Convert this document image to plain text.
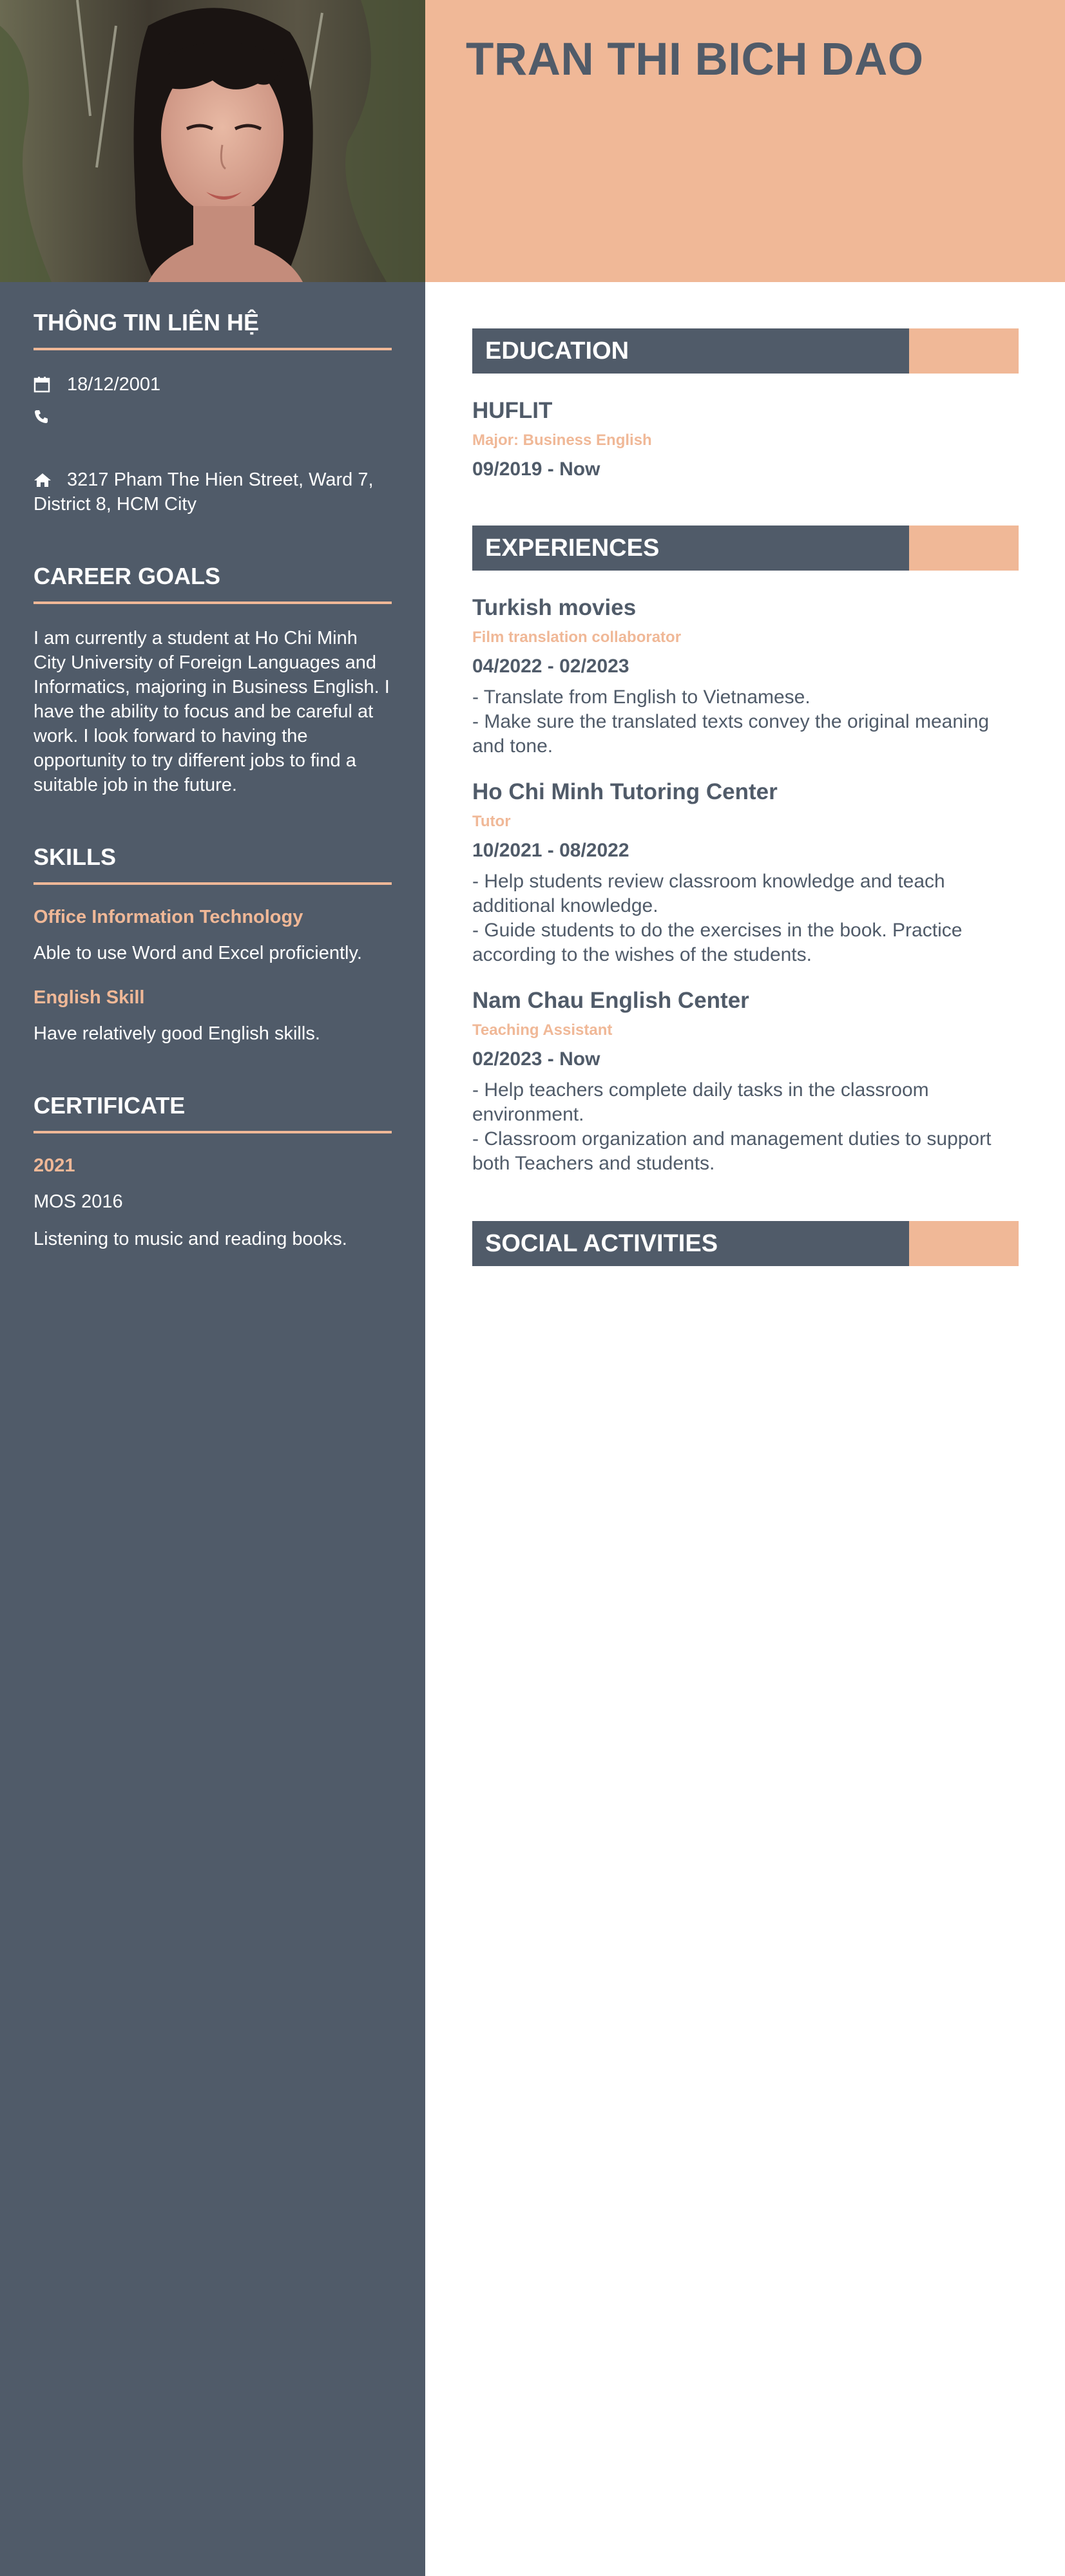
TRAN THI BICH DAO
THÔNG TIN LIÊN HỆ
18/12/2001
3217 Pham The Hien Street, Ward 7, District 8, HCM City
CAREER GOALS
I am currently a student at Ho Chi Minh City University of Foreign Languages and Informatics, majoring in Business English. I have the ability to focus and be careful at work. I look forward to having the opportunity to try different jobs to find a suitable job in the future.
SKILLS
Office Information Technology
Able to use Word and Excel proficiently.
English Skill
Have relatively good English skills.
CERTIFICATE
2021
MOS 2016
Listening to music and reading books.
EDUCATION
HUFLIT
Major: Business English
09/2019 - Now
EXPERIENCES
Turkish movies
Film translation collaborator
04/2022 - 02/2023
- Translate from English to Vietnamese.
- Make sure the translated texts convey the original meaning and tone.
Ho Chi Minh Tutoring Center
Tutor
10/2021 - 08/2022
- Help students review classroom knowledge and teach additional knowledge.
- Guide students to do the exercises in the book. Practice according to the wishes of the students.
Nam Chau English Center
Teaching Assistant
02/2023 - Now
- Help teachers complete daily tasks in the classroom environment.
- Classroom organization and management duties to support both Teachers and students.
SOCIAL ACTIVITIES
